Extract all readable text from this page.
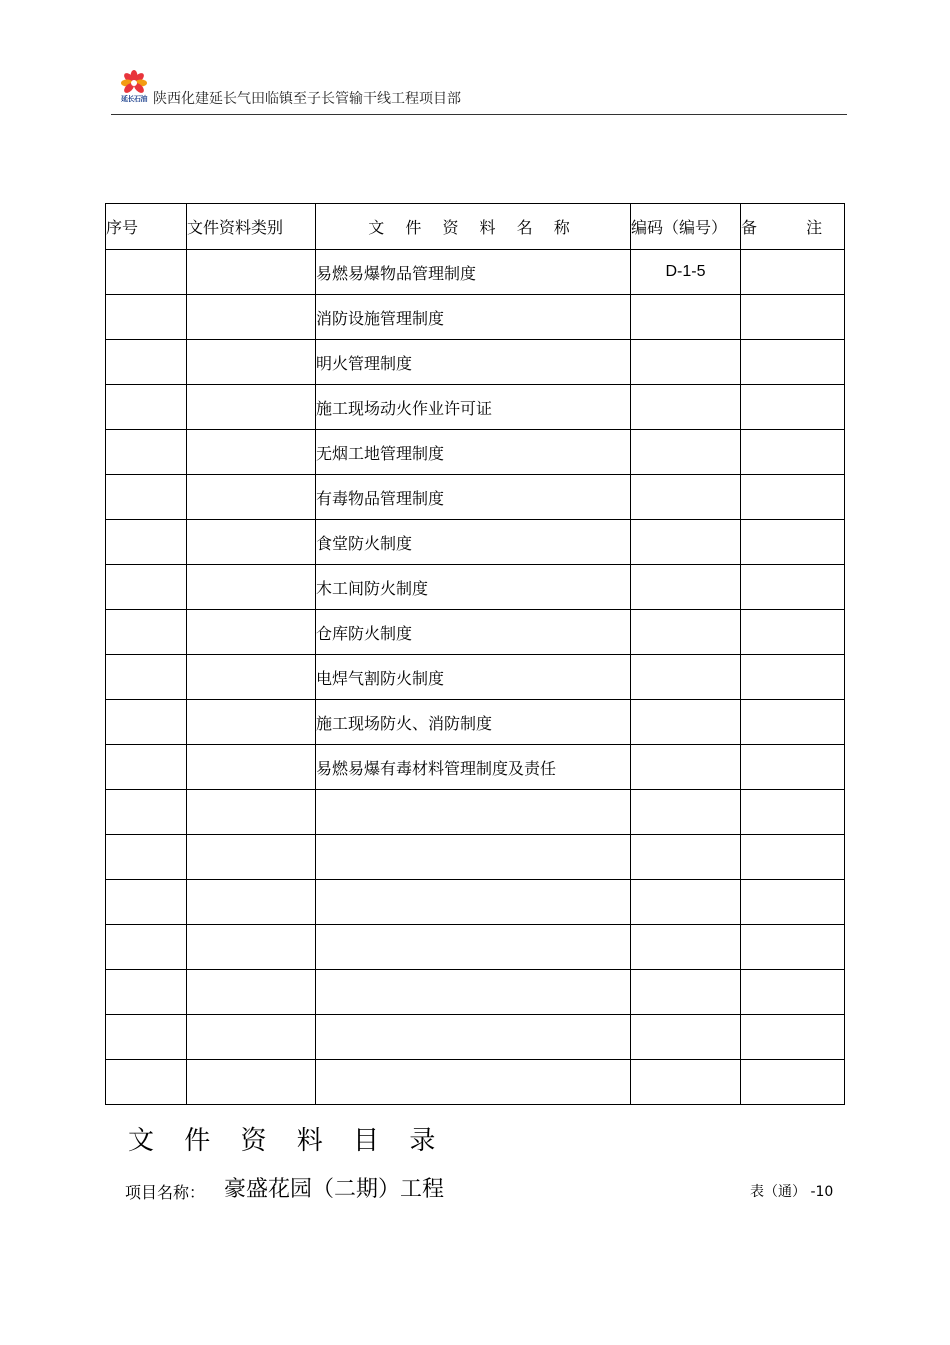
延长石油 陕西化建延长气田临镇至子长管输干线工程项目部
序号	文件资料类别	文 件 资 料 名 称	编码（编号）	备 注
		易燃易爆物品管理制度	D-1-5	
		消防设施管理制度		
		明火管理制度		
		施工现场动火作业许可证		
		无烟工地管理制度		
		有毒物品管理制度		
		食堂防火制度		
		木工间防火制度		
		仓库防火制度		
		电焊气割防火制度		
		施工现场防火、消防制度		
		易燃易爆有毒材料管理制度及责任		

文 件 资 料 目 录
项目名称： 豪盛花园（二期）工程	表（通） -10
